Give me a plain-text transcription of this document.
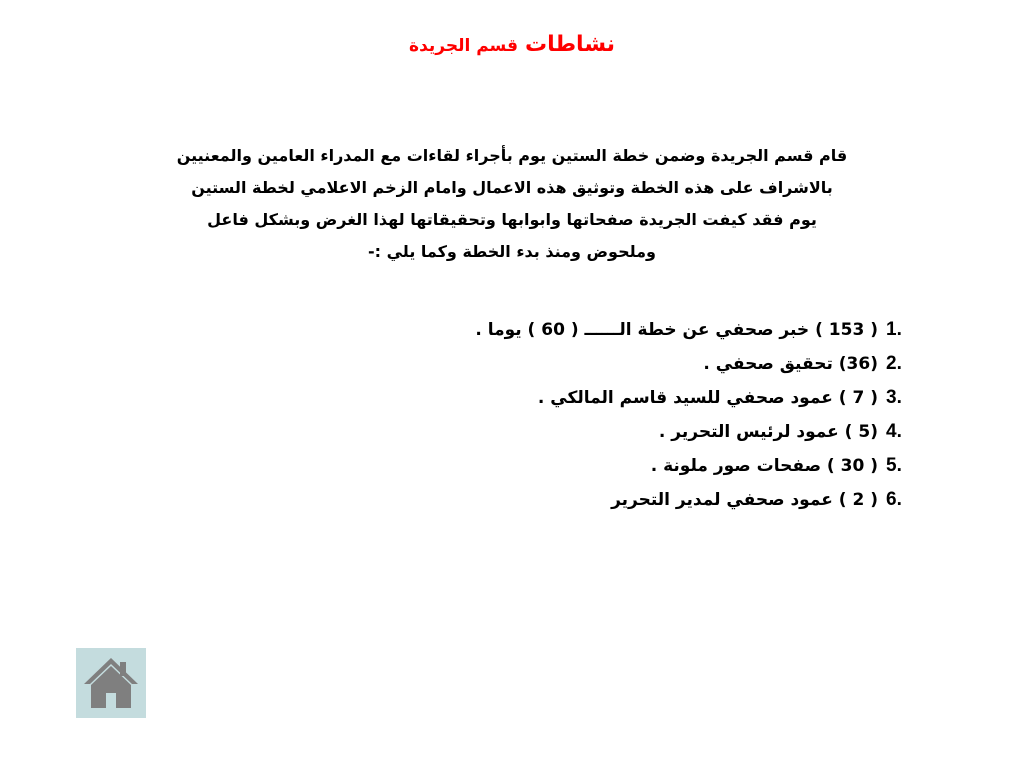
نشاطات قسم الجريدة
قام قسم الجريدة وضمن خطة الستين يوم بأجراء لقاءات مع المدراء العامين والمعنيين
بالاشراف على هذه الخطة وتوثيق هذه الاعمال وامام الزخم الاعلامي لخطة الستين
يوم فقد كيفت الجريدة صفحاتها وابوابها وتحقيقاتها لهذا الغرض وبشكل فاعل
وملحوض ومنذ بدء الخطة وكما يلي :-
1.( 153 ) خبر صحفي عن خطة الــــــ ( 60 ) يوما .
2.(36) تحقيق صحفي .
3.( 7 ) عمود صحفي للسيد قاسم المالكي .
4.(5 ) عمود لرئيس التحرير .
5.( 30 ) صفحات صور ملونة .
6.( 2 ) عمود صحفي لمدير التحرير
